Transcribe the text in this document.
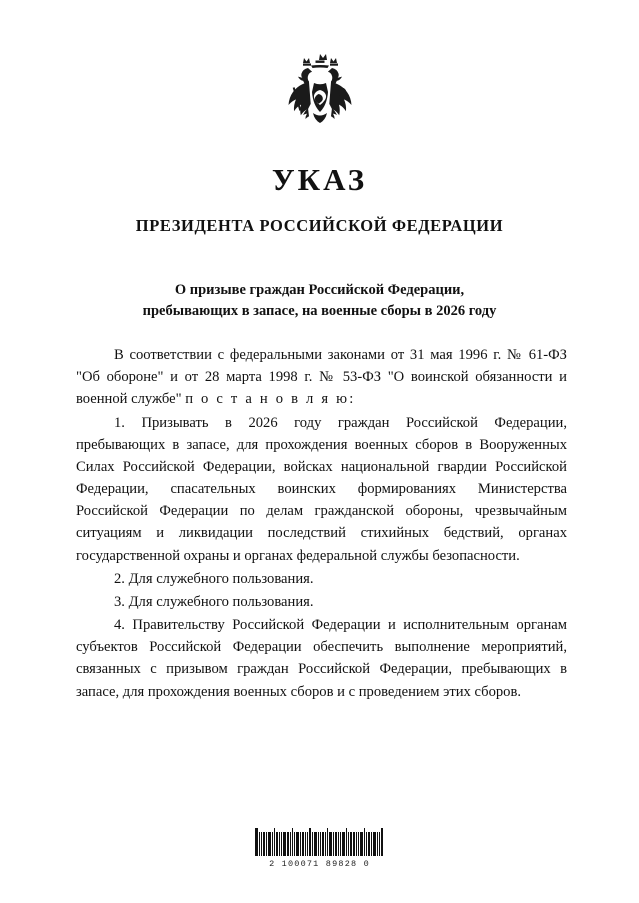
УКАЗ
ПРЕЗИДЕНТА РОССИЙСКОЙ ФЕДЕРАЦИИ
О призыве граждан Российской Федерации,
пребывающих в запасе, на военные сборы в 2026 году

В соответствии с федеральными законами от 31 мая 1996 г. № 61-ФЗ "Об обороне" и от 28 марта 1998 г. № 53-ФЗ "О воинской обязанности и военной службе" п о с т а н о в л я ю:

1. Призывать в 2026 году граждан Российской Федерации, пребывающих в запасе, для прохождения военных сборов в Вооруженных Силах Российской Федерации, войсках национальной гвардии Российской Федерации, спасательных воинских формированиях Министерства Российской Федерации по делам гражданской обороны, чрезвычайным ситуациям и ликвидации последствий стихийных бедствий, органах государственной охраны и органах федеральной службы безопасности.

2. Для служебного пользования.

3. Для служебного пользования.

4. Правительству Российской Федерации и исполнительным органам субъектов Российской Федерации обеспечить выполнение мероприятий, связанных с призывом граждан Российской Федерации, пребывающих в запасе, для прохождения военных сборов и с проведением этих сборов.

2 100071 89828 0
